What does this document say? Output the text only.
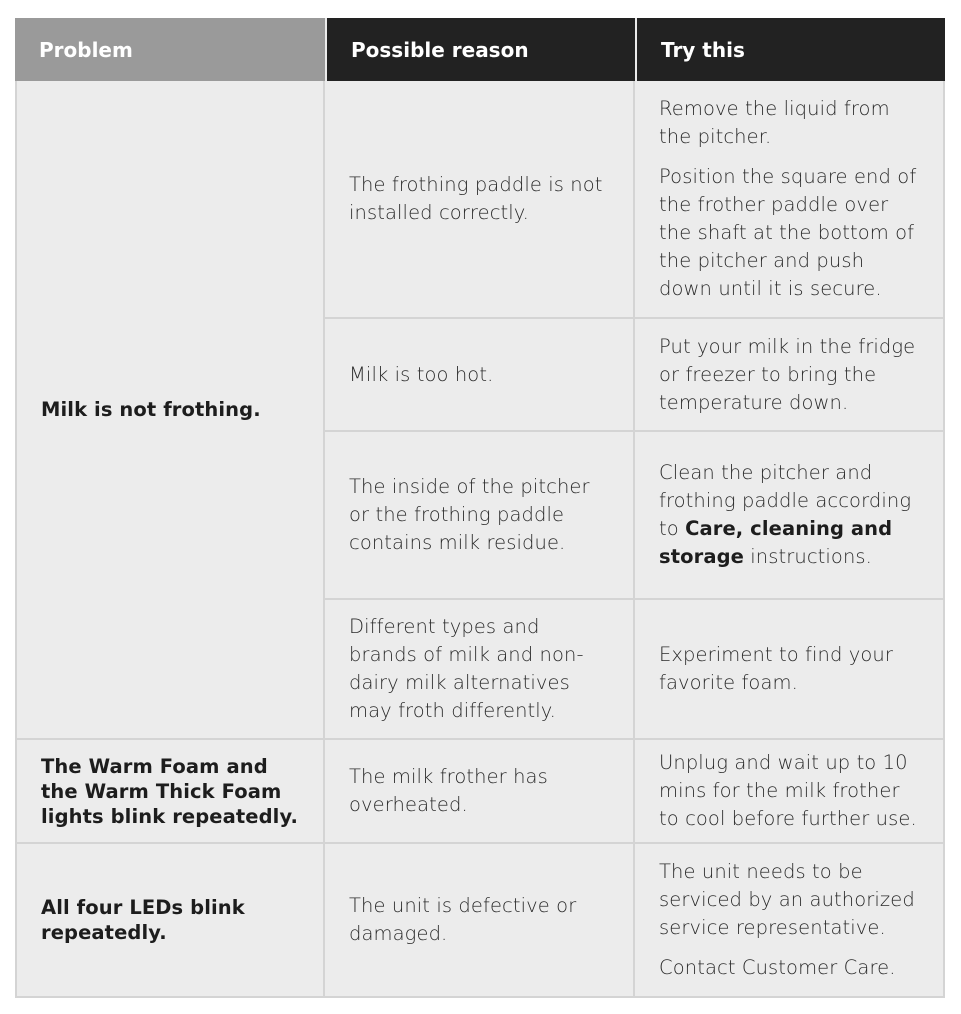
Problem	Possible reason	Try this
Milk is not frothing.
The Warm Foam and the Warm Thick Foam lights blink repeatedly.
All four LEDs blink repeatedly.
The frothing paddle is not installed correctly.
Remove the liquid from the pitcher.
Position the square end of the frother paddle over the shaft at the bottom of the pitcher and push down until it is secure.
Milk is too hot.
Put your milk in the fridge or freezer to bring the temperature down.
The inside of the pitcher or the frothing paddle contains milk residue.
Clean the pitcher and frothing paddle according to Care, cleaning and storage instructions.
Different types and brands of milk and non-dairy milk alternatives may froth differently.
Experiment to find your favorite foam.
The milk frother has overheated.
Unplug and wait up to 10 mins for the milk frother to cool before further use.
The unit is defective or damaged.
The unit needs to be serviced by an authorized service representative.
Contact Customer Care.
